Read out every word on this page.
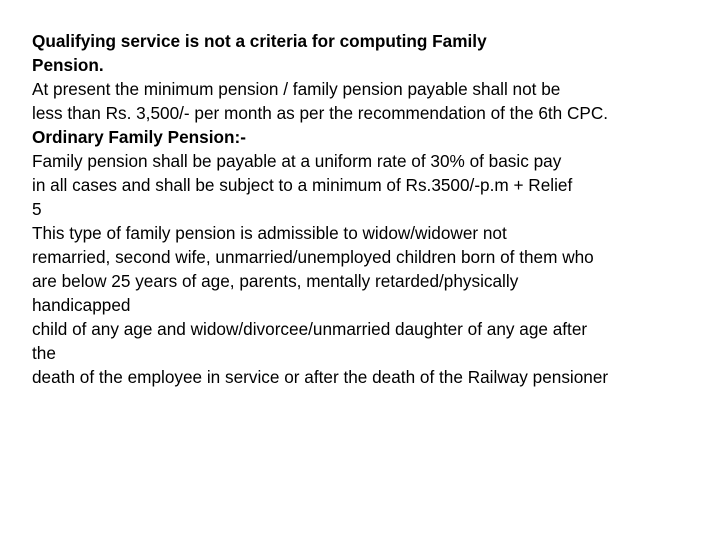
Qualifying service is not a criteria for computing Family
Pension.
At present the minimum pension / family pension payable shall not be
less than Rs. 3,500/- per month as per the recommendation of the 6th CPC.
Ordinary Family Pension:-
Family pension shall be payable at a uniform rate of 30% of basic pay
in all cases and shall be subject to a minimum of Rs.3500/-p.m + Relief
5
This type of family pension is admissible to widow/widower not
remarried, second wife, unmarried/unemployed children born of them who
are below 25 years of age, parents, mentally retarded/physically
handicapped
child of any age and widow/divorcee/unmarried daughter of any age after
the
death of the employee in service or after the death of the Railway pensioner
